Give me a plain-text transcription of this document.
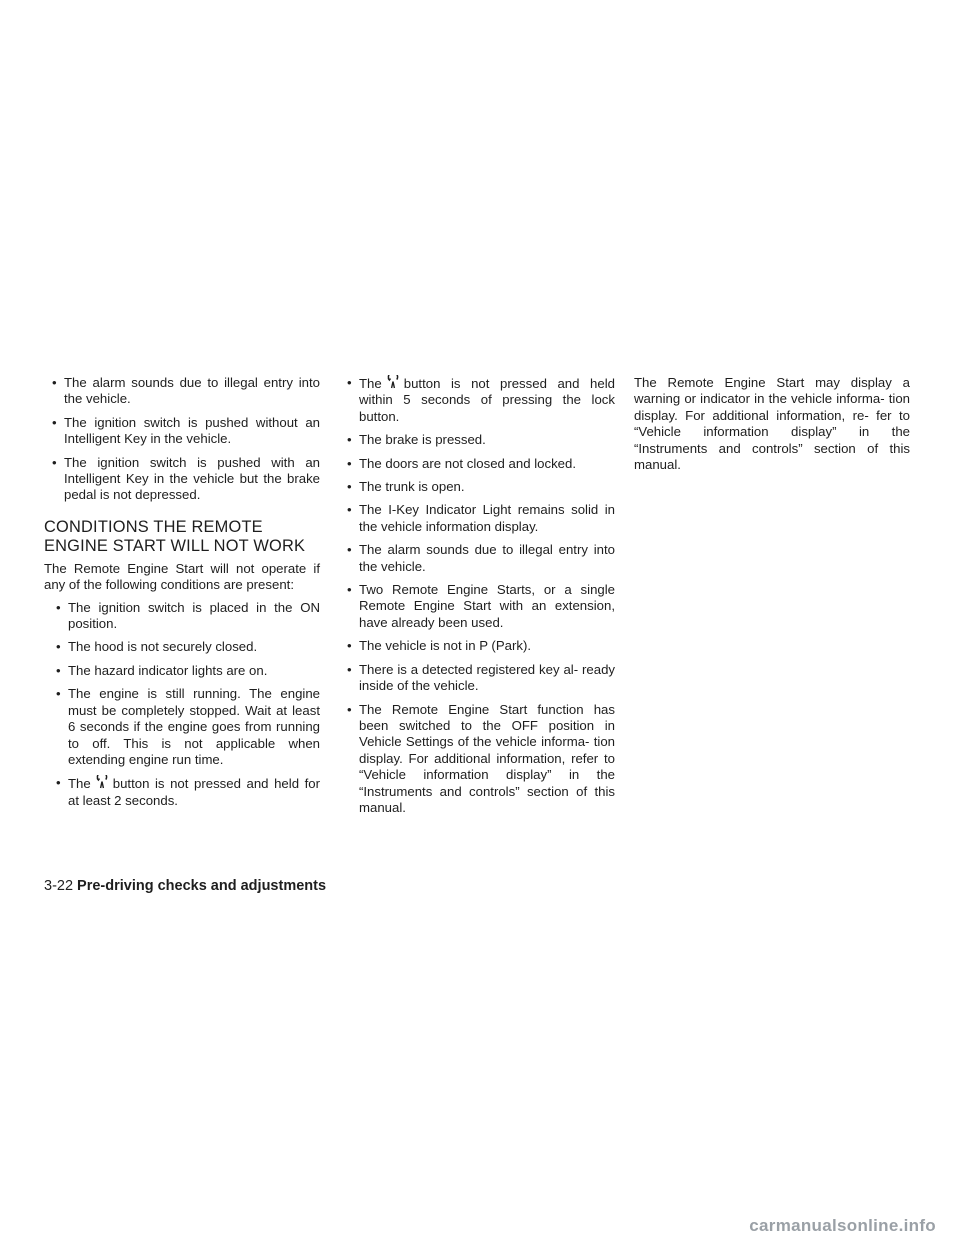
• The alarm sounds due to illegal entry into the vehicle.
• The ignition switch is pushed without an Intelligent Key in the vehicle.
• The ignition switch is pushed with an Intelligent Key in the vehicle but the brake pedal is not depressed.
CONDITIONS THE REMOTE ENGINE START WILL NOT WORK

The Remote Engine Start will not operate if any of the following conditions are present:

• The ignition switch is placed in the ON position.
• The hood is not securely closed.
• The hazard indicator lights are on.
• The engine is still running. The engine must be completely stopped. Wait at least 6 seconds if the engine goes from running to off. This is not applicable when extending engine run time.
• The button is not pressed and held for at least 2 seconds.
• The button is not pressed and held within 5 seconds of pressing the lock button.
• The brake is pressed.
• The doors are not closed and locked.
• The trunk is open.
• The I-Key Indicator Light remains solid in the vehicle information display.
• The alarm sounds due to illegal entry into the vehicle.
• Two Remote Engine Starts, or a single Remote Engine Start with an extension, have already been used.
• The vehicle is not in P (Park).
• There is a detected registered key al- ready inside of the vehicle.
• The Remote Engine Start function has been switched to the OFF position in Vehicle Settings of the vehicle informa- tion display. For additional information, refer to “Vehicle information display” in the “Instruments and controls” section of this manual.

The Remote Engine Start may display a warning or indicator in the vehicle informa- tion display. For additional information, re- fer to “Vehicle information display” in the “Instruments and controls” section of this manual.

3-22 Pre-driving checks and adjustments
carmanualsonline.info
